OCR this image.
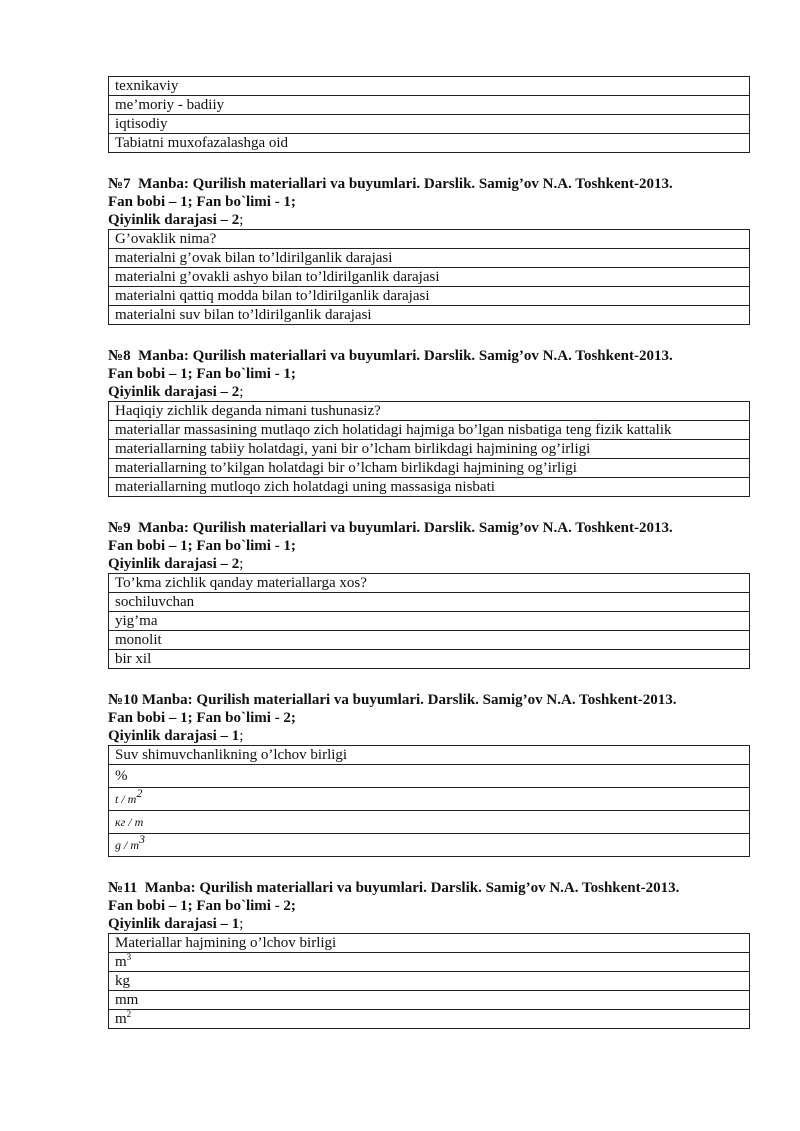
texnikaviy
me’moriy - badiiy
iqtisodiy
Tabiatni muxofazalashga oid
№7 Manba: Qurilish materiallari va buyumlari. Darslik. Samig’ov N.A. Toshkent-2013.
Fan bobi – 1; Fan bo`limi - 1;
Qiyinlik darajasi – 2;
G’ovaklik nima?
materialni g’ovak bilan to’ldirilganlik darajasi
materialni g’ovakli ashyo bilan to’ldirilganlik darajasi
materialni qattiq modda bilan to’ldirilganlik darajasi
materialni suv bilan to’ldirilganlik darajasi
№8 Manba: Qurilish materiallari va buyumlari. Darslik. Samig’ov N.A. Toshkent-2013.
Fan bobi – 1; Fan bo`limi - 1;
Qiyinlik darajasi – 2;
Haqiqiy zichlik deganda nimani tushunasiz?
materiallar massasining mutlaqo zich holatidagi hajmiga bo’lgan nisbatiga teng fizik kattalik
materiallarning tabiiy holatdagi, yani bir o’lcham birlikdagi hajmining og’irligi
materiallarning to’kilgan holatdagi bir o’lcham birlikdagi hajmining og’irligi
materiallarning mutloqo zich holatdagi uning massasiga nisbati
№9 Manba: Qurilish materiallari va buyumlari. Darslik. Samig’ov N.A. Toshkent-2013.
Fan bobi – 1; Fan bo`limi - 1;
Qiyinlik darajasi – 2;
To’kma zichlik qanday materiallarga xos?
sochiluvchan
yig’ma
monolit
bir xil
№10 Manba: Qurilish materiallari va buyumlari. Darslik. Samig’ov N.A. Toshkent-2013.
Fan bobi – 1; Fan bo`limi - 2;
Qiyinlik darajasi – 1;
Suv shimuvchanlikning o’lchov birligi
%
t / $m^2$
кг / m
g / $m^3$
№11 Manba: Qurilish materiallari va buyumlari. Darslik. Samig’ov N.A. Toshkent-2013.
Fan bobi – 1; Fan bo`limi - 2;
Qiyinlik darajasi – 1;
Materiallar hajmining o’lchov birligi
$m^3$
kg
mm
$m^2$
